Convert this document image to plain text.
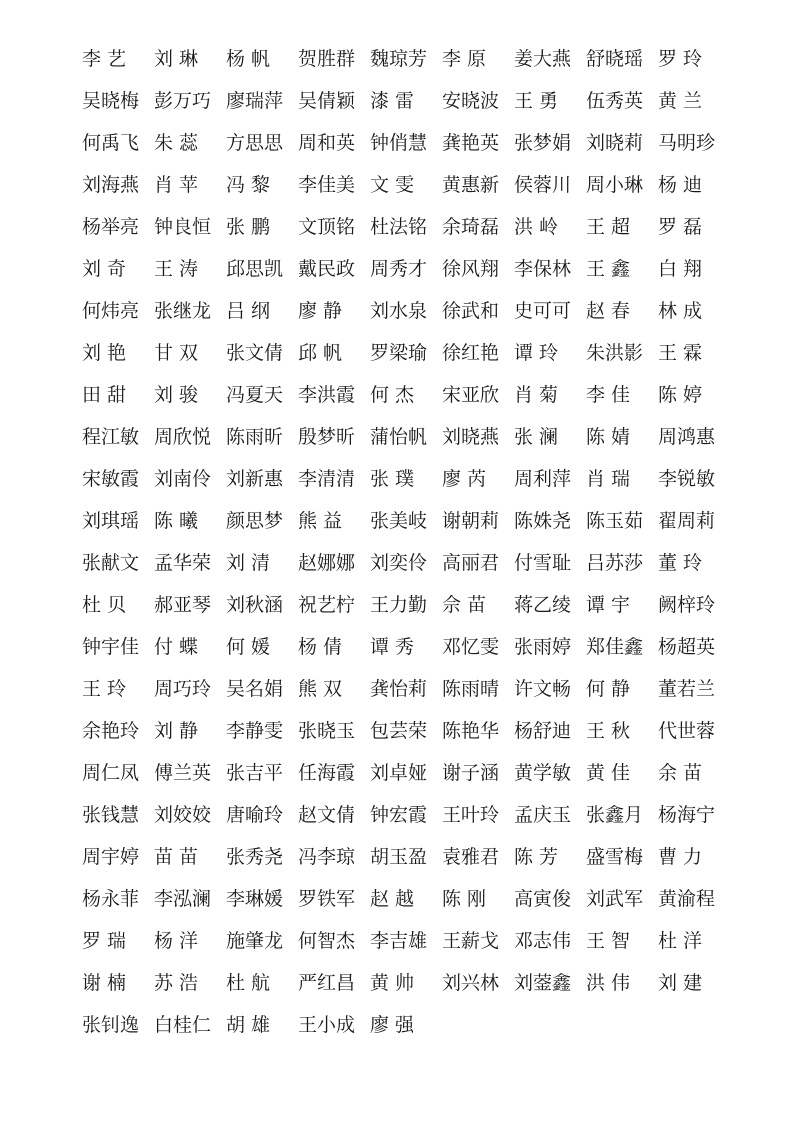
李 艺	刘 琳	杨 帆	贺胜群 魏琼芳 李 原	姜大燕 舒晓瑶 罗 玲
吴晓梅 彭万巧 廖瑞萍 吴倩颖 漆 雷	安晓波 王 勇	伍秀英 黄 兰
何禹飞 朱 蕊	方思思 周和英 钟俏慧 龚艳英 张梦娟 刘晓莉 马明珍
刘海燕 肖 苹	冯 黎	李佳美 文 雯	黄惠新 侯蓉川 周小琳 杨 迪
杨举亮 钟良恒 张 鹏	文顶铭 杜法铭 余琦磊 洪 岭	王 超	罗 磊
刘 奇	王 涛	邱思凯 戴民政 周秀才 徐风翔 李保林 王 鑫	白 翔
何炜亮 张继龙 吕 纲	廖 静	刘水泉 徐武和 史可可 赵 春	林 成
刘 艳	甘 双	张文倩 邱 帆	罗梁瑜 徐红艳 谭 玲	朱洪影 王 霖
田 甜	刘 骏	冯夏天 李洪霞 何 杰	宋亚欣 肖 菊	李 佳	陈 婷
程江敏 周欣悦 陈雨昕 殷梦昕 蒲怡帆 刘晓燕 张 澜	陈 婧	周鸿惠
宋敏霞 刘南伶 刘新惠 李清清 张 璞	廖 芮	周利萍 肖 瑞	李锐敏
刘琪瑶 陈 曦	颜思梦 熊 益	张美岐 谢朝莉 陈姝尧 陈玉茹 翟周莉
张献文 孟华荣 刘 清	赵娜娜 刘奕伶 高丽君 付雪耻 吕苏莎 董 玲
杜 贝	郝亚琴 刘秋涵 祝艺柠 王力勤 佘 苗	蒋乙绫 谭 宇	阙梓玲
钟宇佳 付 蝶	何 媛	杨 倩	谭 秀	邓忆雯 张雨婷 郑佳鑫 杨超英
王 玲	周巧玲 吴名娟 熊 双	龚怡莉 陈雨晴 许文畅 何 静	董若兰
余艳玲 刘 静	李静雯 张晓玉 包芸荣 陈艳华 杨舒迪 王 秋	代世蓉
周仁凤 傅兰英 张吉平 任海霞 刘卓娅 谢子涵 黄学敏 黄 佳	余 苗
张钱慧 刘姣姣 唐喻玲 赵文倩 钟宏霞 王叶玲 孟庆玉 张鑫月 杨海宁
周宇婷 苗 苗	张秀尧 冯李琼 胡玉盈 袁雅君 陈 芳	盛雪梅 曹 力
杨永菲 李泓澜 李琳媛 罗铁军 赵 越	陈 刚	高寅俊 刘武军 黄渝程
罗 瑞	杨 洋	施肇龙 何智杰 李吉雄 王薪戈 邓志伟 王 智	杜 洋
谢 楠	苏 浩	杜 航	严红昌 黄 帅	刘兴林 刘蓥鑫 洪 伟	刘 建
张钊逸 白桂仁 胡 雄	王小成 廖 强
